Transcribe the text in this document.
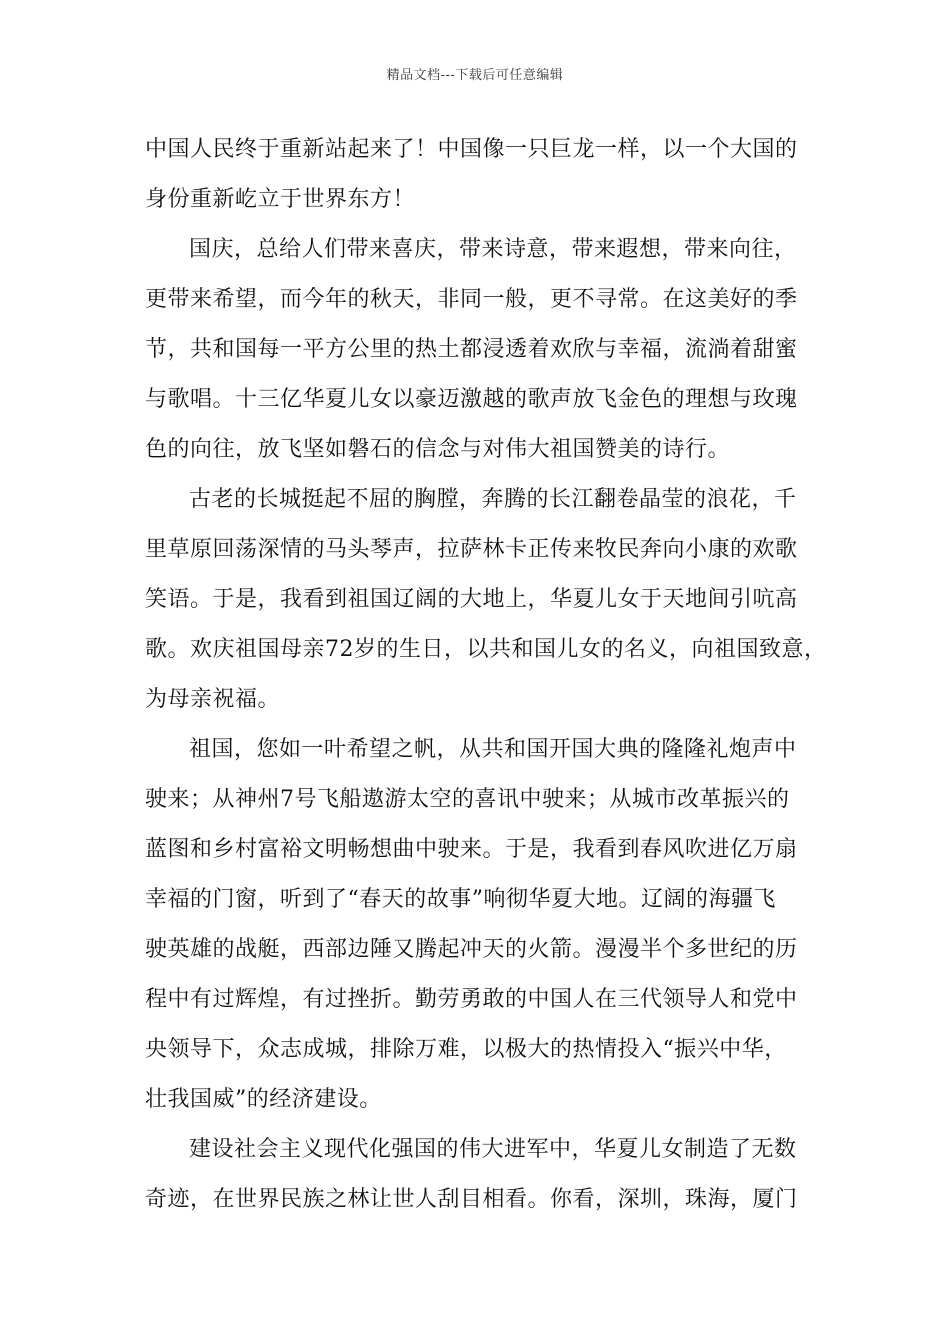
精品文档---下载后可任意编辑
中国人民终于重新站起来了！中国像一只巨龙一样，以一个大国的
身份重新屹立于世界东方！
国庆，总给人们带来喜庆，带来诗意，带来遐想，带来向往，
更带来希望，而今年的秋天，非同一般，更不寻常。在这美好的季
节，共和国每一平方公里的热土都浸透着欢欣与幸福，流淌着甜蜜
与歌唱。十三亿华夏儿女以豪迈激越的歌声放飞金色的理想与玫瑰
色的向往，放飞坚如磐石的信念与对伟大祖国赞美的诗行。
古老的长城挺起不屈的胸膛，奔腾的长江翻卷晶莹的浪花，千
里草原回荡深情的马头琴声，拉萨林卡正传来牧民奔向小康的欢歌
笑语。于是，我看到祖国辽阔的大地上，华夏儿女于天地间引吭高
歌。欢庆祖国母亲72岁的生日，以共和国儿女的名义，向祖国致意，
为母亲祝福。
祖国，您如一叶希望之帆，从共和国开国大典的隆隆礼炮声中
驶来；从神州7号飞船遨游太空的喜讯中驶来；从城市改革振兴的
蓝图和乡村富裕文明畅想曲中驶来。于是，我看到春风吹进亿万扇
幸福的门窗，听到了“春天的故事”响彻华夏大地。辽阔的海疆飞
驶英雄的战艇，西部边陲又腾起冲天的火箭。漫漫半个多世纪的历
程中有过辉煌，有过挫折。勤劳勇敢的中国人在三代领导人和党中
央领导下，众志成城，排除万难，以极大的热情投入“振兴中华，
壮我国威”的经济建设。
建设社会主义现代化强国的伟大进军中，华夏儿女制造了无数
奇迹，在世界民族之林让世人刮目相看。你看，深圳，珠海，厦门
